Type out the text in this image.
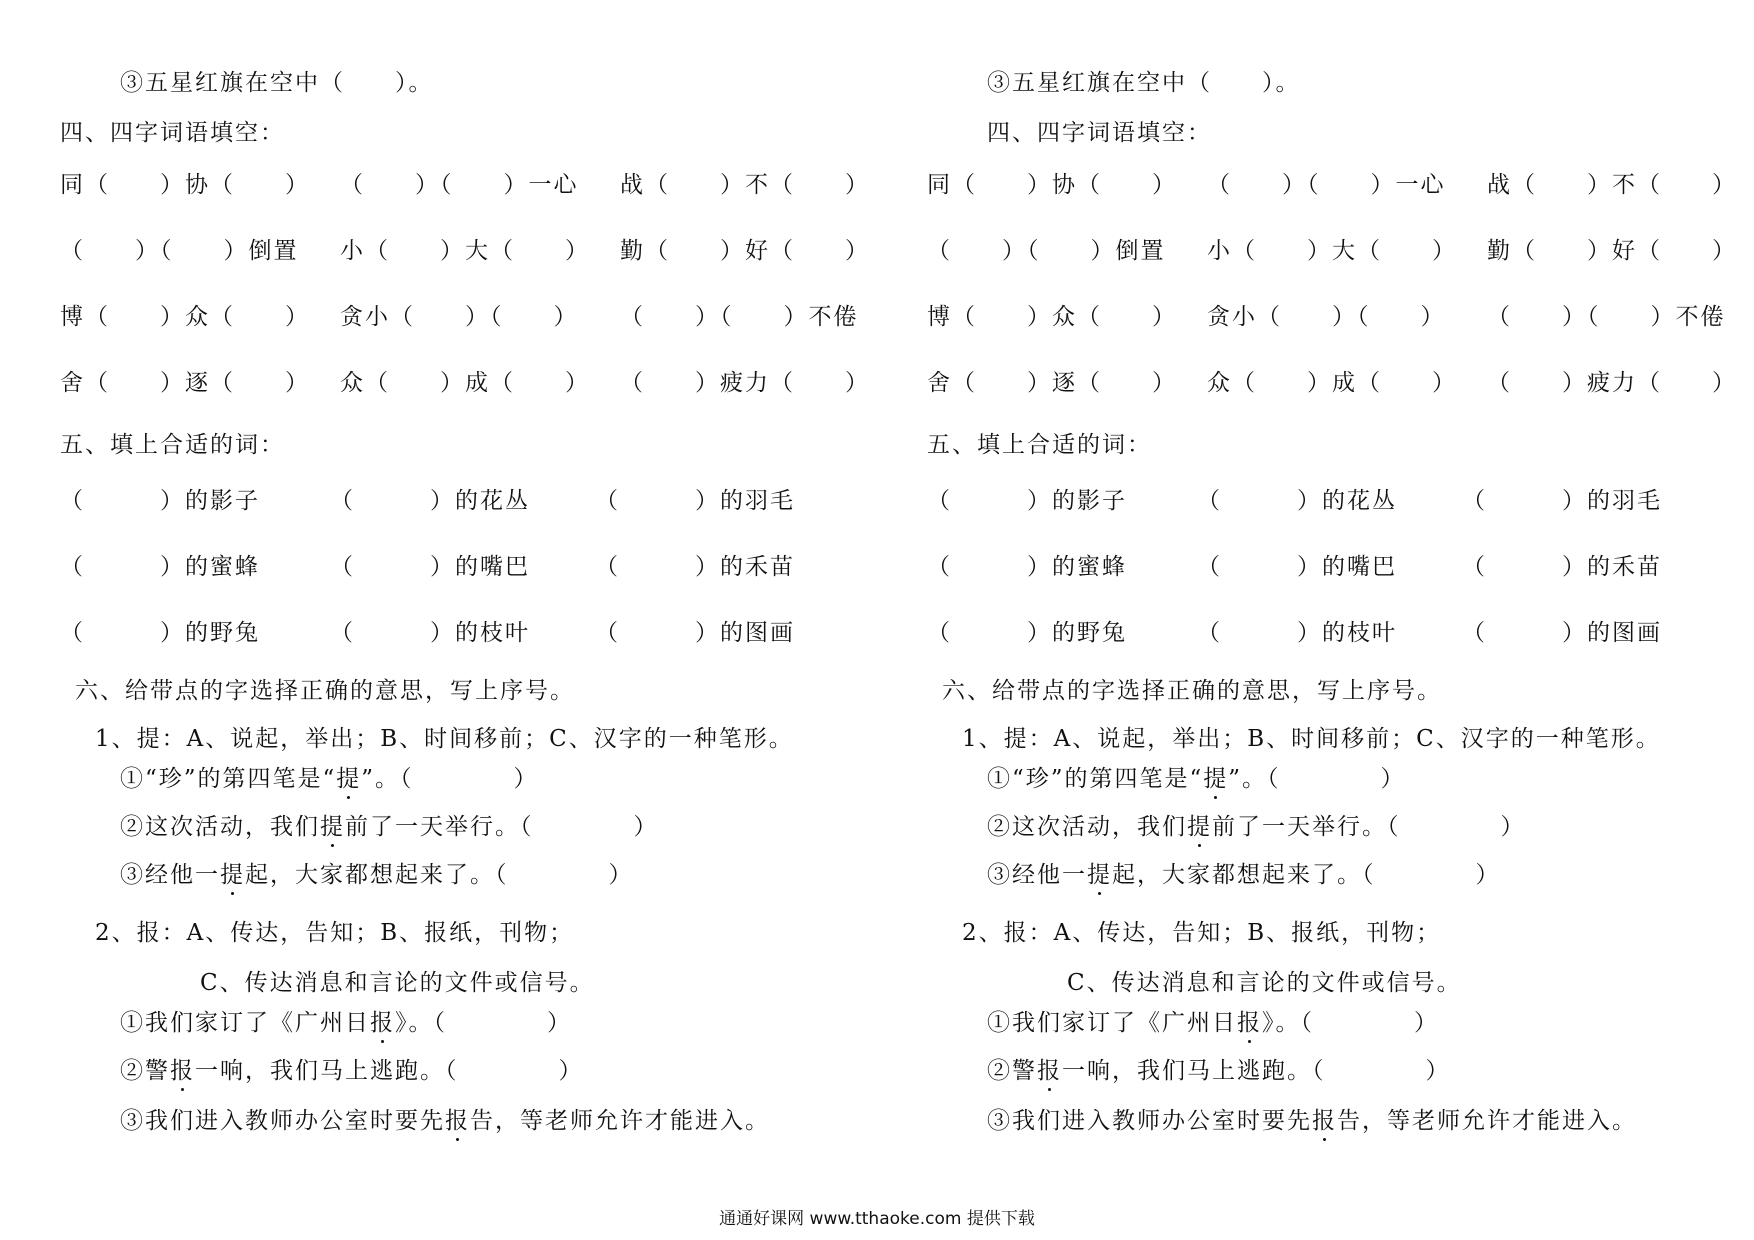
③五星红旗在空中（　　）。
四、四字词语填空：
同（　　）协（　　） （　　）（　　）一心 战（　　）不（　　）
（　　）（　　）倒置 小（　　）大（　　） 勤（　　）好（　　）
博（　　）众（　　） 贪小（　　）（　　） （　　）（　　）不倦
舍（　　）逐（　　） 众（　　）成（　　） （　　）疲力（　　）
五、填上合适的词：
（　　　）的影子	（　　　）的花丛	（　　　）的羽毛
（　　　）的蜜蜂	（　　　）的嘴巴	（　　　）的禾苗
（　　　）的野兔	（　　　）的枝叶	（　　　）的图画
六、给带点的字选择正确的意思，写上序号。
1、提：A、说起，举出；B、时间移前；C、汉字的一种笔形。
①“珍”的第四笔是“提”。（　　　　）
②这次活动，我们提前了一天举行。（　　　　）
③经他一提起，大家都想起来了。（　　　　）
2、报：A、传达，告知；B、报纸，刊物；
C、传达消息和言论的文件或信号。
①我们家订了《广州日报》。（　　　　）
②警报一响，我们马上逃跑。（　　　　）
③我们进入教师办公室时要先报告，等老师允许才能进入。
③五星红旗在空中（　　）。
四、四字词语填空：
同（　　）协（　　） （　　）（　　）一心 战（　　）不（　　）
（　　）（　　）倒置 小（　　）大（　　） 勤（　　）好（　　）
博（　　）众（　　） 贪小（　　）（　　） （　　）（　　）不倦
舍（　　）逐（　　） 众（　　）成（　　） （　　）疲力（　　）
五、填上合适的词：
（　　　）的影子	（　　　）的花丛	（　　　）的羽毛
（　　　）的蜜蜂	（　　　）的嘴巴	（　　　）的禾苗
（　　　）的野兔	（　　　）的枝叶	（　　　）的图画
六、给带点的字选择正确的意思，写上序号。
1、提：A、说起，举出；B、时间移前；C、汉字的一种笔形。
①“珍”的第四笔是“提”。（　　　　）
②这次活动，我们提前了一天举行。（　　　　）
③经他一提起，大家都想起来了。（　　　　）
2、报：A、传达，告知；B、报纸，刊物；
C、传达消息和言论的文件或信号。
①我们家订了《广州日报》。（　　　　）
②警报一响，我们马上逃跑。（　　　　）
③我们进入教师办公室时要先报告，等老师允许才能进入。
通通好课网 www.tthaoke.com 提供下载
